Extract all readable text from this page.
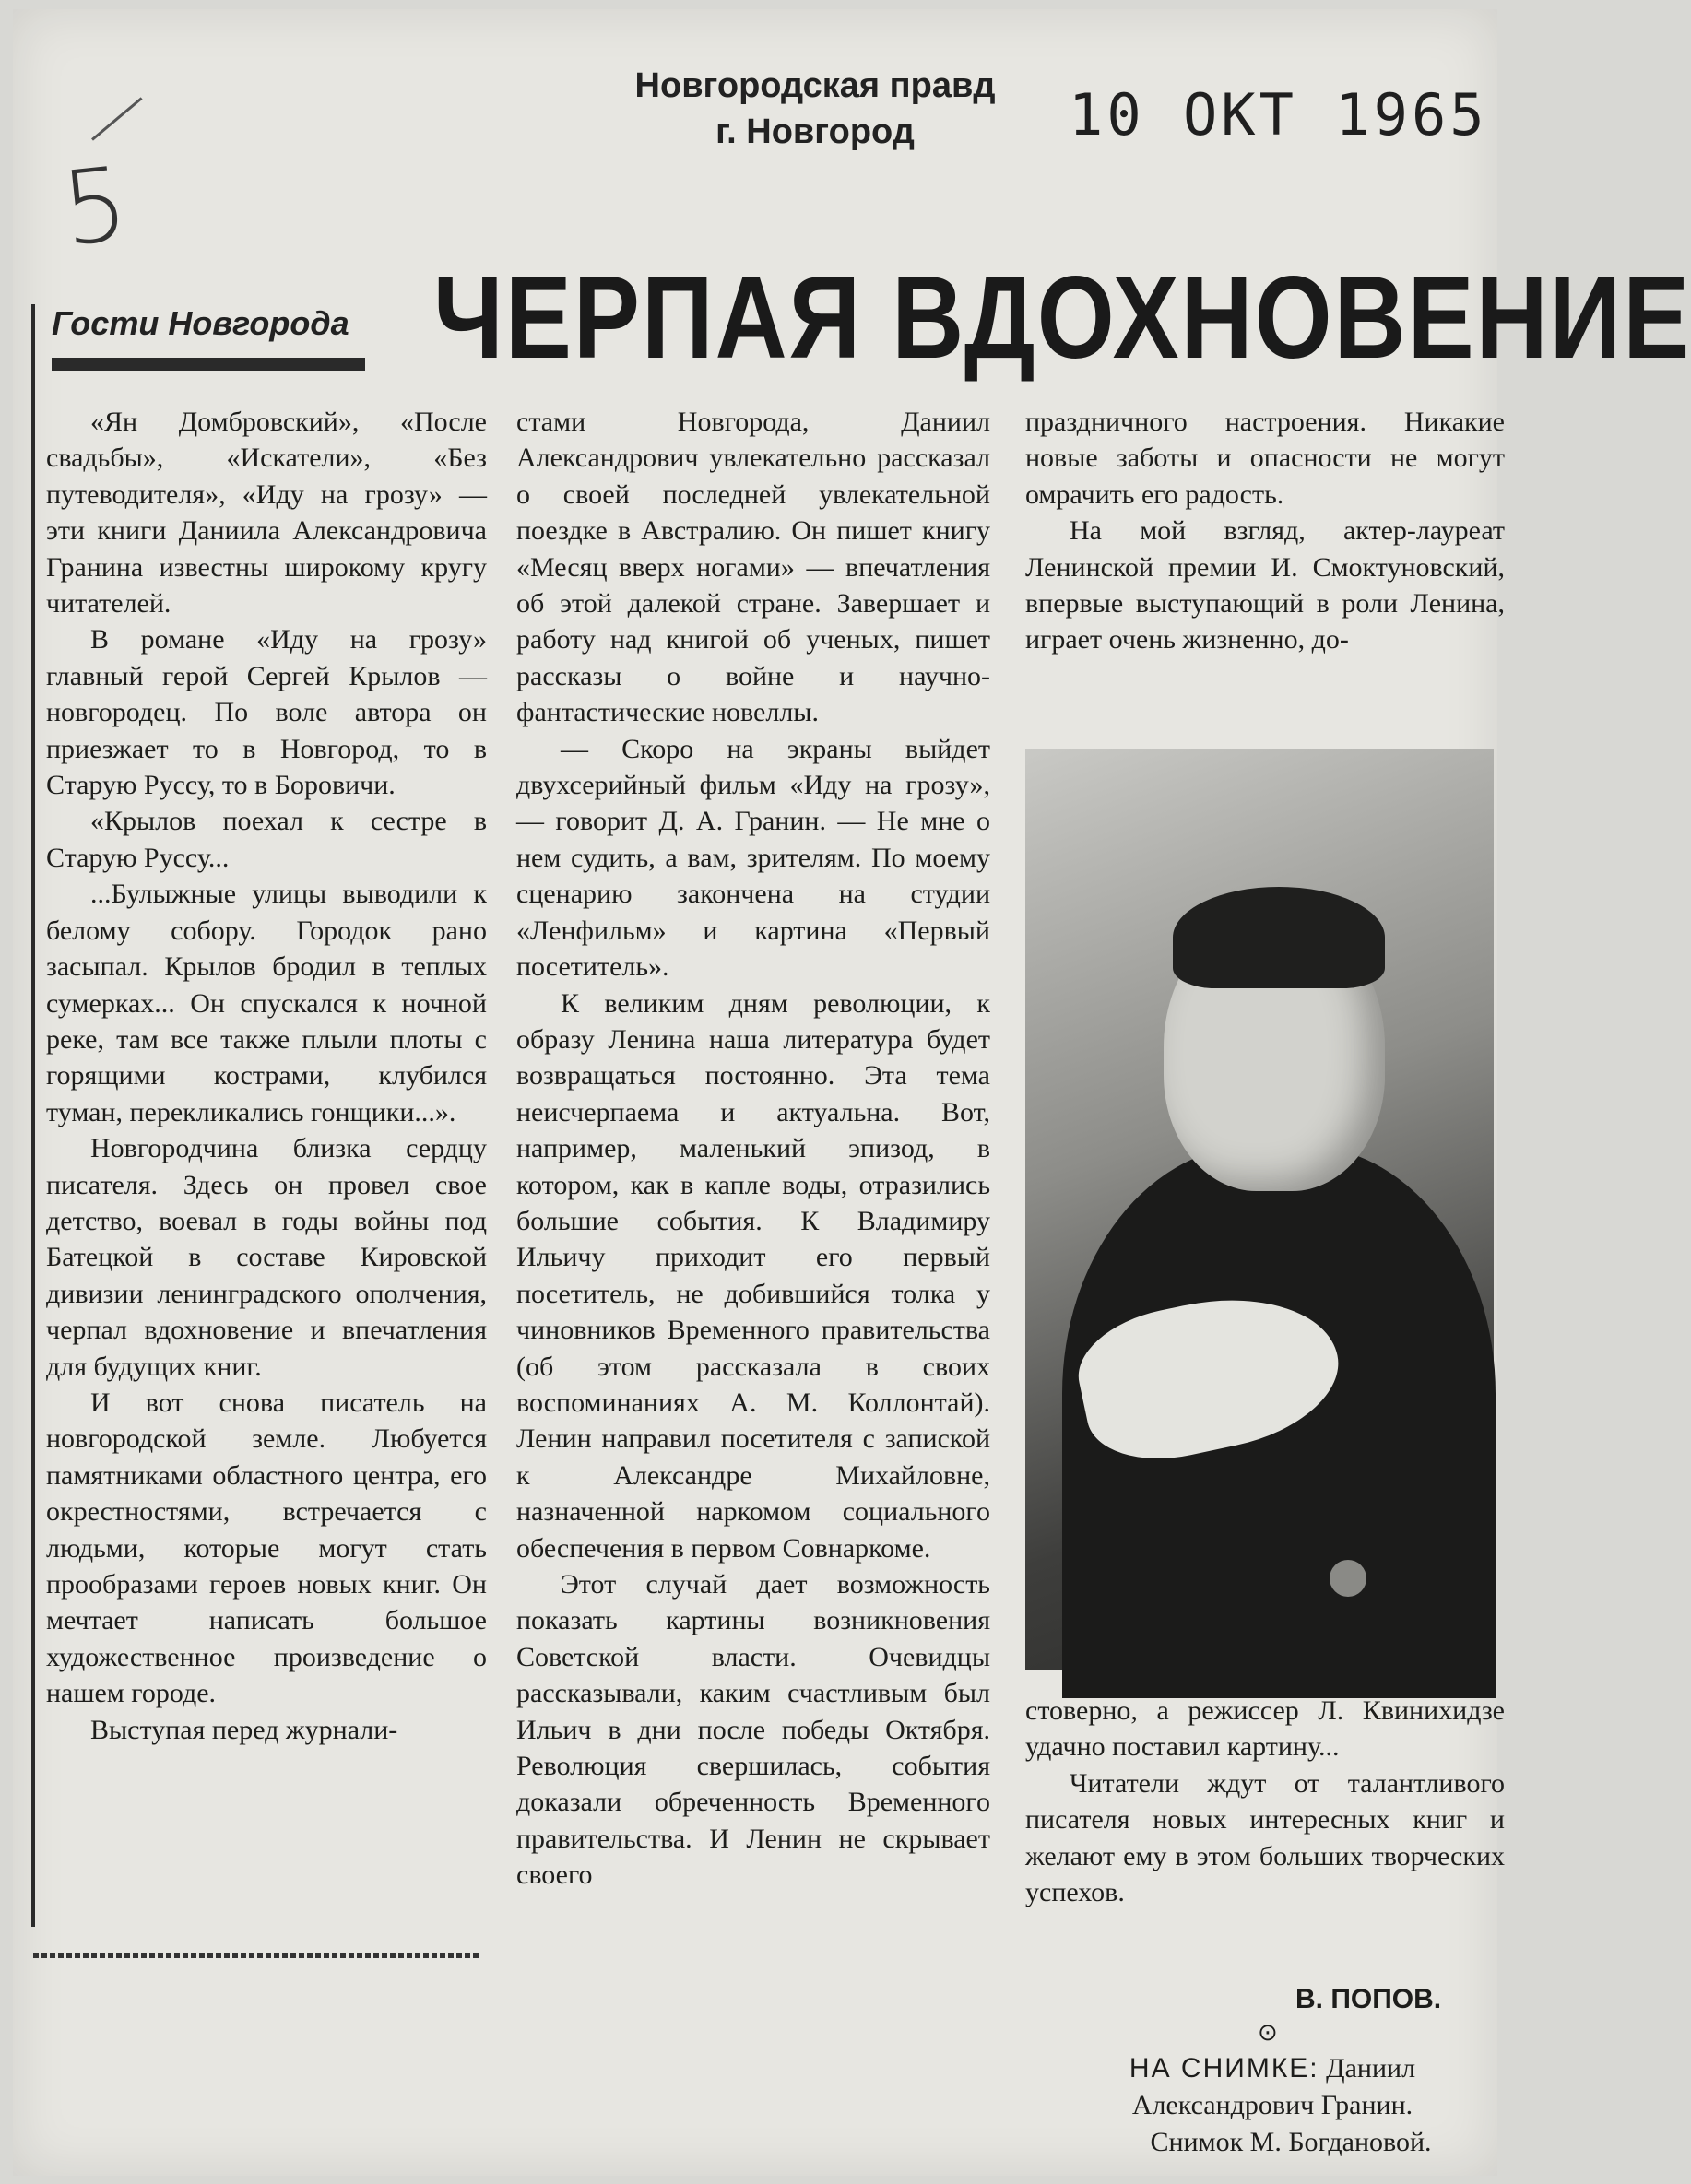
Новгородская правд
г. Новгород	10 ОКТ 1965
5
Гости Новгорода ЧЕРПАЯ ВДОХНОВЕНИЕ

«Ян Домбровский», «После свадьбы», «Искатели», «Без путеводителя», «Иду на грозу» — эти книги Даниила Александровича Гранина известны широкому кругу читателей.

В романе «Иду на грозу» главный герой Сергей Крылов — новгородец. По воле автора он приезжает то в Новгород, то в Старую Руссу, то в Боровичи.

«Крылов поехал к сестре в Старую Руссу...

...Булыжные улицы выводили к белому собору. Городок рано засыпал. Крылов бродил в теплых сумерках... Он спускался к ночной реке, там все также плыли плоты с горящими кострами, клубился туман, перекликались гонщики...».

Новгородчина близка сердцу писателя. Здесь он провел свое детство, воевал в годы войны под Батецкой в составе Кировской дивизии ленинградского ополчения, черпал вдохновение и впечатления для будущих книг.

И вот снова писатель на новгородской земле. Любуется памятниками областного центра, его окрестностями, встречается с людьми, которые могут стать прообразами героев новых книг. Он мечтает написать большое художественное произведение о нашем городе.

Выступая перед журнали-

стами Новгорода, Даниил Александрович увлекательно рассказал о своей последней увлекательной поездке в Австралию. Он пишет книгу «Месяц вверх ногами» — впечатления об этой далекой стране. Завершает и работу над книгой об ученых, пишет рассказы о войне и научно-фантастические новеллы.

— Скоро на экраны выйдет двухсерийный фильм «Иду на грозу», — говорит Д. А. Гранин. — Не мне о нем судить, а вам, зрителям. По моему сценарию закончена на студии «Ленфильм» и картина «Первый посетитель».

К великим дням революции, к образу Ленина наша литература будет возвращаться постоянно. Эта тема неисчерпаема и актуальна. Вот, например, маленький эпизод, в котором, как в капле воды, отразились большие события. К Владимиру Ильичу приходит его первый посетитель, не добившийся толка у чиновников Временного правительства (об этом рассказала в своих воспоминаниях А. М. Коллонтай). Ленин направил посетителя с запиской к Александре Михайловне, назначенной наркомом социального обеспечения в первом Совнаркоме.

Этот случай дает возможность показать картины возникновения Советской власти. Очевидцы рассказывали, каким счастливым был Ильич в дни после победы Октября. Революция свершилась, события доказали обреченность Временного правительства. И Ленин не скрывает своего

праздничного настроения. Никакие новые заботы и опасности не могут омрачить его радость.

На мой взгляд, актер-лауреат Ленинской премии И. Смоктуновский, впервые выступающий в роли Ленина, играет очень жизненно, до-

стоверно, а режиссер Л. Квинихидзе удачно поставил картину...

Читатели ждут от талантливого писателя новых интересных книг и желают ему в этом больших творческих успехов.

В. ПОПОВ.
⊙
НА СНИМКЕ: Даниил Александрович Гранин.
Снимок М. Богдановой.
